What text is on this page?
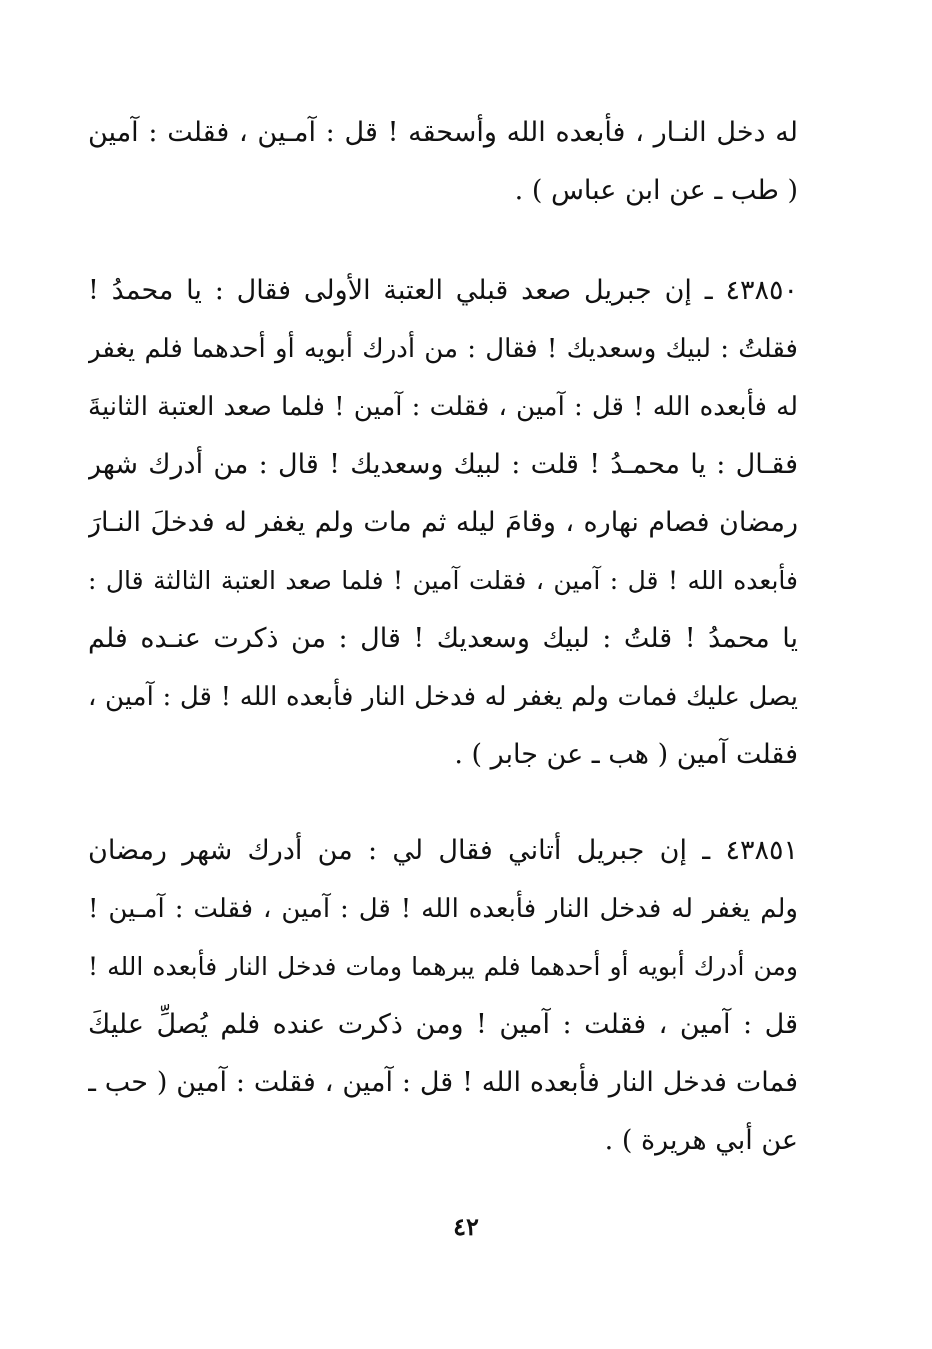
له دخل النـار ، فأبعده الله وأسحقه ! قل : آمـين ، فقلت : آمين
( طب ـ عن ابن عباس ) .
٤٣٨٥٠ ـ إن جبريل صعد قبلي العتبة الأولى فقال : يا محمدُ !
فقلتُ : لبيك وسعديك ! فقال : من أدرك أبويه أو أحدهما فلم يغفر
له فأبعده الله ! قل : آمين ، فقلت : آمين ! فلما صعد العتبة الثانيةَ
فقـال : يا محمـدُ ! قلت : لبيك وسعديك ! قال : من أدرك شهر
رمضان فصام نهاره ، وقامَ ليله ثم مات ولم يغفر له فدخلَ النـارَ
فأبعده الله ! قل : آمين ، فقلت آمين ! فلما صعد العتبة الثالثة قال :
يا محمدُ ! قلتُ : لبيك وسعديك ! قال : من ذكرت عنـده فلم
يصل عليك فمات ولم يغفر له فدخل النار فأبعده الله ! قل : آمين ،
فقلت آمين ( هب ـ عن جابر ) .
٤٣٨٥١ ـ إن جبريل أتاني فقال لي : من أدرك شهر رمضان
ولم يغفر له فدخل النار فأبعده الله ! قل : آمين ، فقلت : آمـين !
ومن أدرك أبويه أو أحدهما فلم يبرهما ومات فدخل النار فأبعده الله !
قل : آمين ، فقلت : آمين ! ومن ذكرت عنده فلم يُصلِّ عليكَ
فمات فدخل النار فأبعده الله ! قل : آمين ، فقلت : آمين ( حب ـ
عن أبي هريرة ) .
٤٢
